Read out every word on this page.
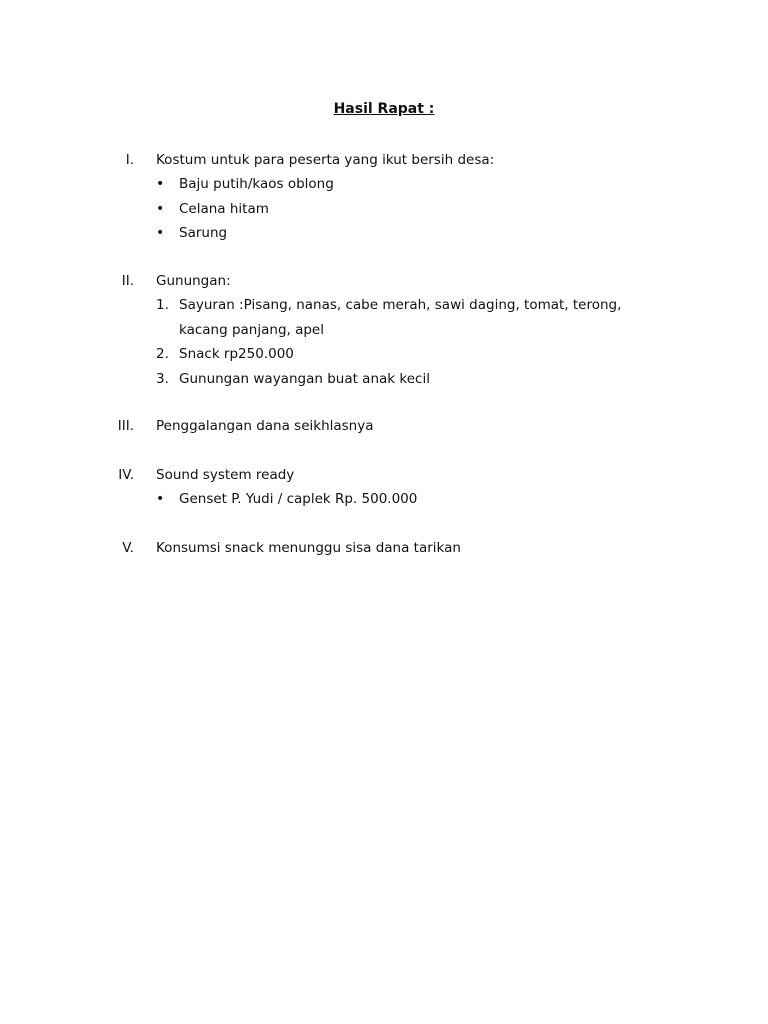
Hasil Rapat :
I. Kostum untuk para peserta yang ikut bersih desa:
•	Baju putih/kaos oblong
•	Celana hitam
•	Sarung
II. Gunungan:
1. Sayuran :Pisang, nanas, cabe merah, sawi daging, tomat, terong, kacang panjang, apel
2. Snack rp250.000
3. Gunungan wayangan buat anak kecil
III. Penggalangan dana seikhlasnya
IV. Sound system ready
•	Genset P. Yudi / caplek Rp. 500.000
V. Konsumsi snack menunggu sisa dana tarikan
